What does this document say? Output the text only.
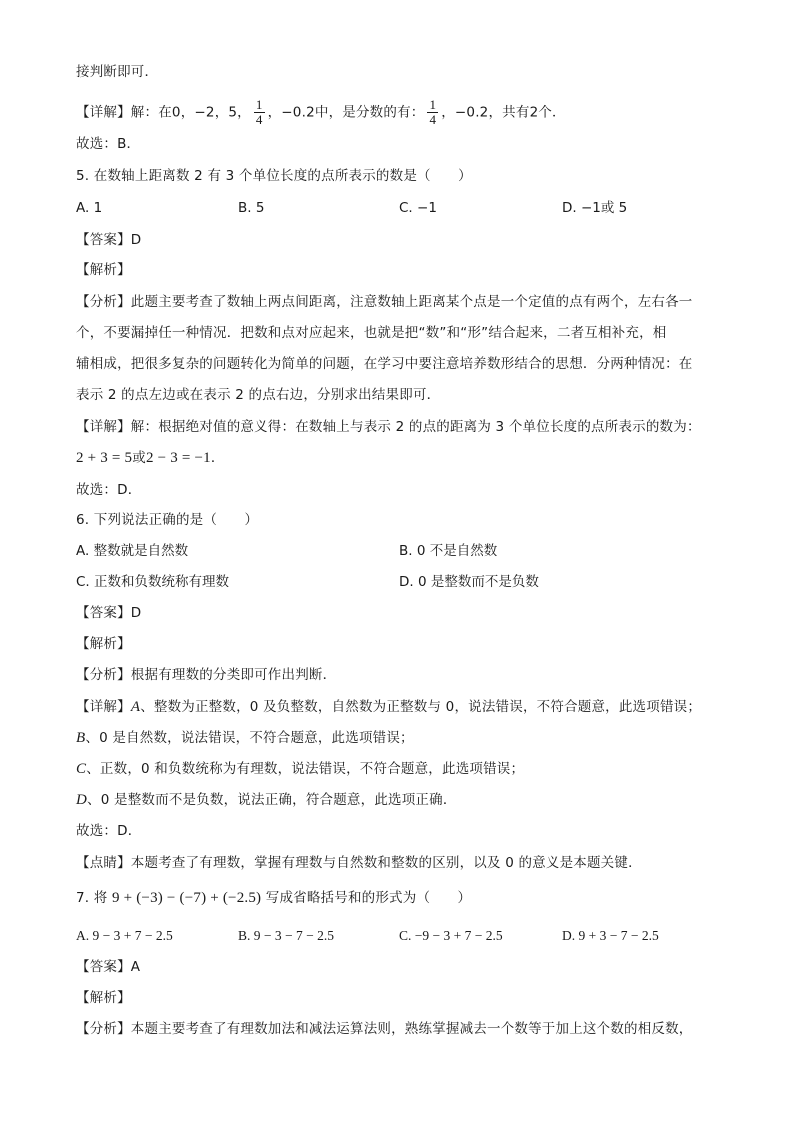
接判断即可．
【详解】解：在0，−2，5， $\frac{1}{4}$ ，−0.2中，是分数的有： $\frac{1}{4}$ ，−0.2，共有2个．
故选：B．
5. 在数轴上距离数 2 有 3 个单位长度的点所表示的数是（　　）
A. 1	B. 5	C. −1	D. −1或 5
【答案】D
【解析】
【分析】此题主要考查了数轴上两点间距离，注意数轴上距离某个点是一个定值的点有两个，左右各一
个，不要漏掉任一种情况．把数和点对应起来，也就是把“数”和“形”结合起来，二者互相补充，相
辅相成，把很多复杂的问题转化为简单的问题，在学习中要注意培养数形结合的思想．分两种情况：在
表示 2 的点左边或在表示 2 的点右边，分别求出结果即可．
【详解】解：根据绝对值的意义得：在数轴上与表示 2 的点的距离为 3 个单位长度的点所表示的数为：
2 + 3 = 5或2 − 3 = −1．
故选：D．
6. 下列说法正确的是（　　）
A. 整数就是自然数	B. 0 不是自然数
C. 正数和负数统称有理数	D. 0 是整数而不是负数
【答案】D
【解析】
【分析】根据有理数的分类即可作出判断．
【详解】A、整数为正整数，0 及负整数，自然数为正整数与 0，说法错误，不符合题意，此选项错误；
B、0 是自然数，说法错误，不符合题意，此选项错误；
C、正数，0 和负数统称为有理数，说法错误，不符合题意，此选项错误；
D、0 是整数而不是负数，说法正确，符合题意，此选项正确．
故选：D．
【点睛】本题考查了有理数，掌握有理数与自然数和整数的区别，以及 0 的意义是本题关键．
7. 将 9 + (−3) − (−7) + (−2.5) 写成省略括号和的形式为（　　）
A. 9 − 3 + 7 − 2.5	B. 9 − 3 − 7 − 2.5	C. −9 − 3 + 7 − 2.5	D. 9 + 3 − 7 − 2.5
【答案】A
【解析】
【分析】本题主要考查了有理数加法和减法运算法则，熟练掌握减去一个数等于加上这个数的相反数，
